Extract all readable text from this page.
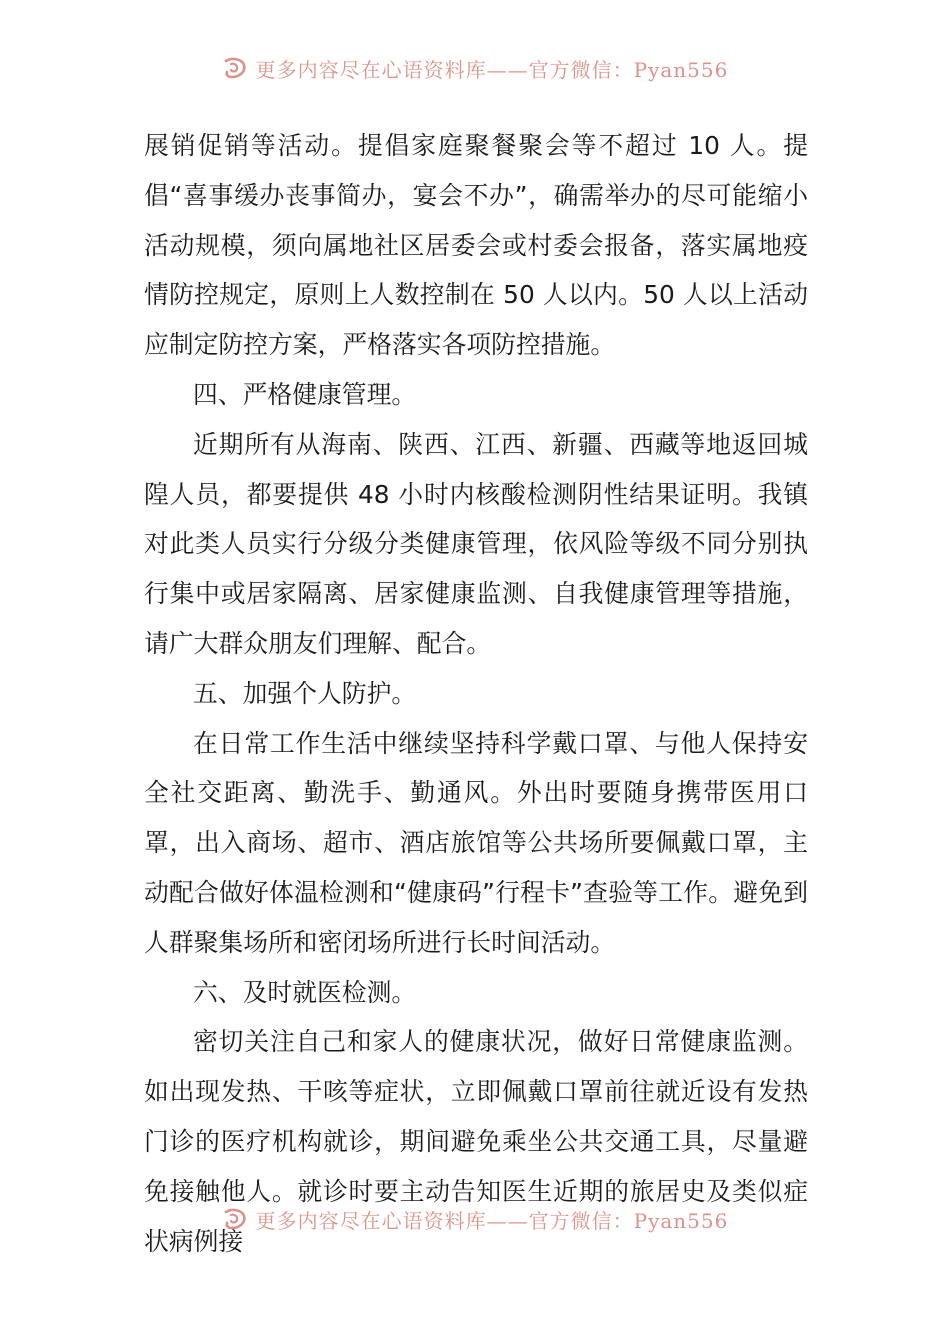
更多内容尽在心语资料库——官方微信：Pyan556

展销促销等活动。提倡家庭聚餐聚会等不超过 10 人。提倡“喜事缓办丧事简办，宴会不办”，确需举办的尽可能缩小活动规模，须向属地社区居委会或村委会报备，落实属地疫情防控规定，原则上人数控制在 50 人以内。50 人以上活动应制定防控方案，严格落实各项防控措施。

四、严格健康管理。

近期所有从海南、陕西、江西、新疆、西藏等地返回城隍人员，都要提供 48 小时内核酸检测阴性结果证明。我镇对此类人员实行分级分类健康管理，依风险等级不同分别执行集中或居家隔离、居家健康监测、自我健康管理等措施，请广大群众朋友们理解、配合。

五、加强个人防护。

在日常工作生活中继续坚持科学戴口罩、与他人保持安全社交距离、勤洗手、勤通风。外出时要随身携带医用口罩，出入商场、超市、酒店旅馆等公共场所要佩戴口罩，主动配合做好体温检测和“健康码”行程卡”查验等工作。避免到人群聚集场所和密闭场所进行长时间活动。

六、及时就医检测。

密切关注自己和家人的健康状况，做好日常健康监测。如出现发热、干咳等症状，立即佩戴口罩前往就近设有发热门诊的医疗机构就诊，期间避免乘坐公共交通工具，尽量避免接触他人。就诊时要主动告知医生近期的旅居史及类似症状病例接

更多内容尽在心语资料库——官方微信：Pyan556
